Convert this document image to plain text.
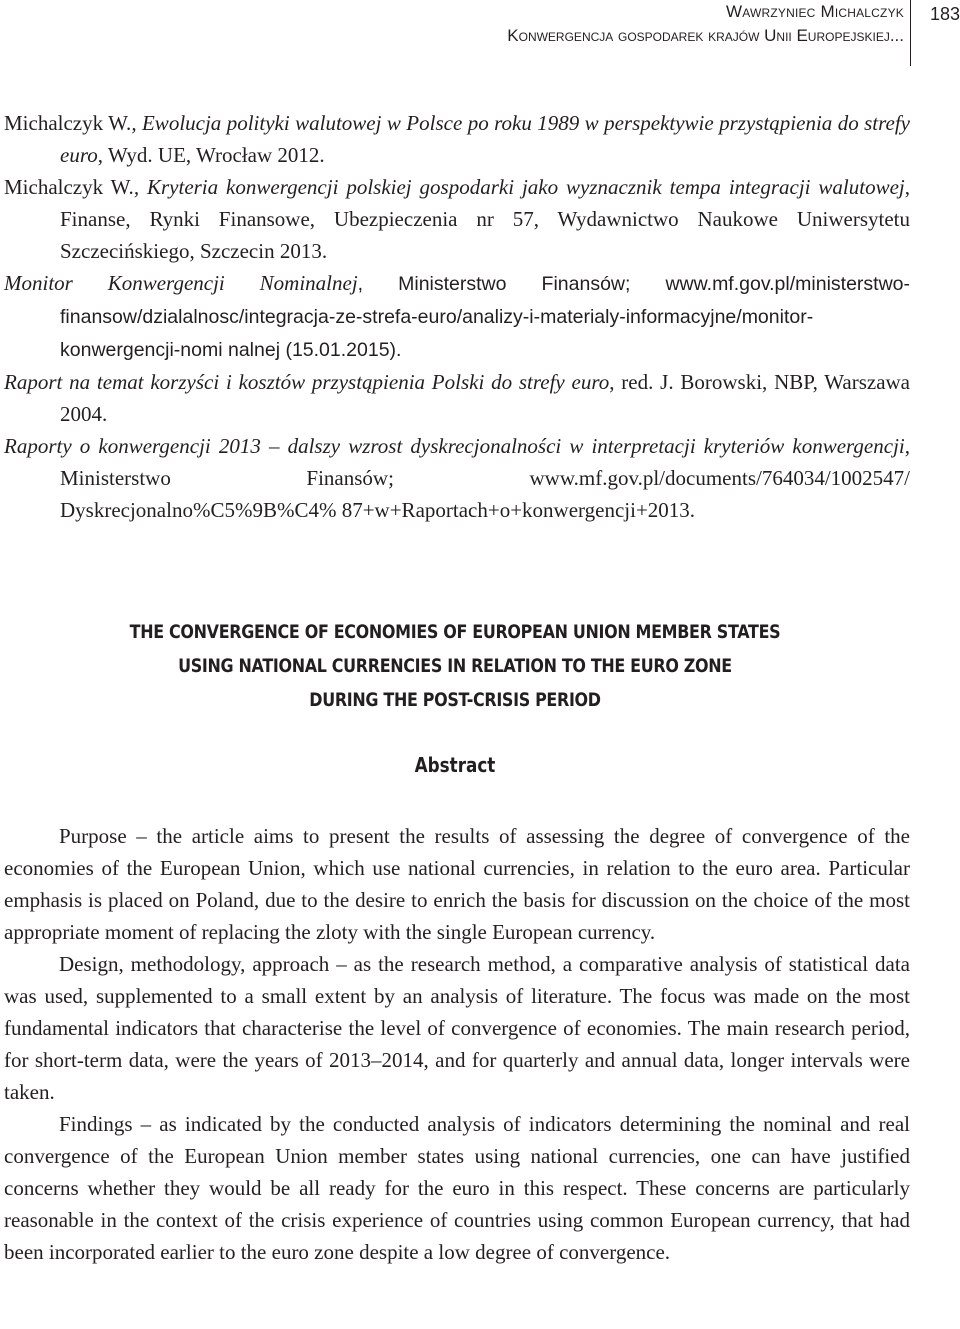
Wawrzyniec Michalczyk
Konwergencja gospodarek krajów Unii Europejskiej...
183
Michalczyk W., Ewolucja polityki walutowej w Polsce po roku 1989 w perspektywie przystąpienia do strefy euro, Wyd. UE, Wrocław 2012.
Michalczyk W., Kryteria konwergencji polskiej gospodarki jako wyznacznik tempa integracji walutowej, Finanse, Rynki Finansowe, Ubezpieczenia nr 57, Wydawnictwo Naukowe Uniwersytetu Szczecińskiego, Szczecin 2013.
Monitor Konwergencji Nominalnej, Ministerstwo Finansów; www.mf.gov.pl/ministerstwo-finansow/dzialalnosc/integracja-ze-strefa-euro/analizy-i-materialy-informacyjne/monitor-konwergencji-nomi nalnej (15.01.2015).
Raport na temat korzyści i kosztów przystąpienia Polski do strefy euro, red. J. Borowski, NBP, Warszawa 2004.
Raporty o konwergencji 2013 – dalszy wzrost dyskrecjonalności w interpretacji kryteriów konwergencji, Ministerstwo Finansów; www.mf.gov.pl/documents/764034/1002547/ Dyskrecjonalno%C5%9B%C4% 87+w+Raportach+o+konwergencji+2013.
THE CONVERGENCE OF ECONOMIES OF EUROPEAN UNION MEMBER STATES
USING NATIONAL CURRENCIES IN RELATION TO THE EURO ZONE
DURING THE POST-CRISIS PERIOD
Abstract

Purpose – the article aims to present the results of assessing the degree of convergence of the economies of the European Union, which use national currencies, in relation to the euro area. Particular emphasis is placed on Poland, due to the desire to enrich the basis for discussion on the choice of the most appropriate moment of replacing the zloty with the single European currency.

Design, methodology, approach – as the research method, a comparative analysis of statistical data was used, supplemented to a small extent by an analysis of literature. The focus was made on the most fundamental indicators that characterise the level of convergence of economies. The main research period, for short-term data, were the years of 2013–2014, and for quarterly and annual data, longer intervals were taken.

Findings – as indicated by the conducted analysis of indicators determining the nominal and real convergence of the European Union member states using national currencies, one can have justified concerns whether they would be all ready for the euro in this respect. These concerns are particularly reasonable in the context of the crisis experience of countries using common European currency, that had been incorporated earlier to the euro zone despite a low degree of convergence.
